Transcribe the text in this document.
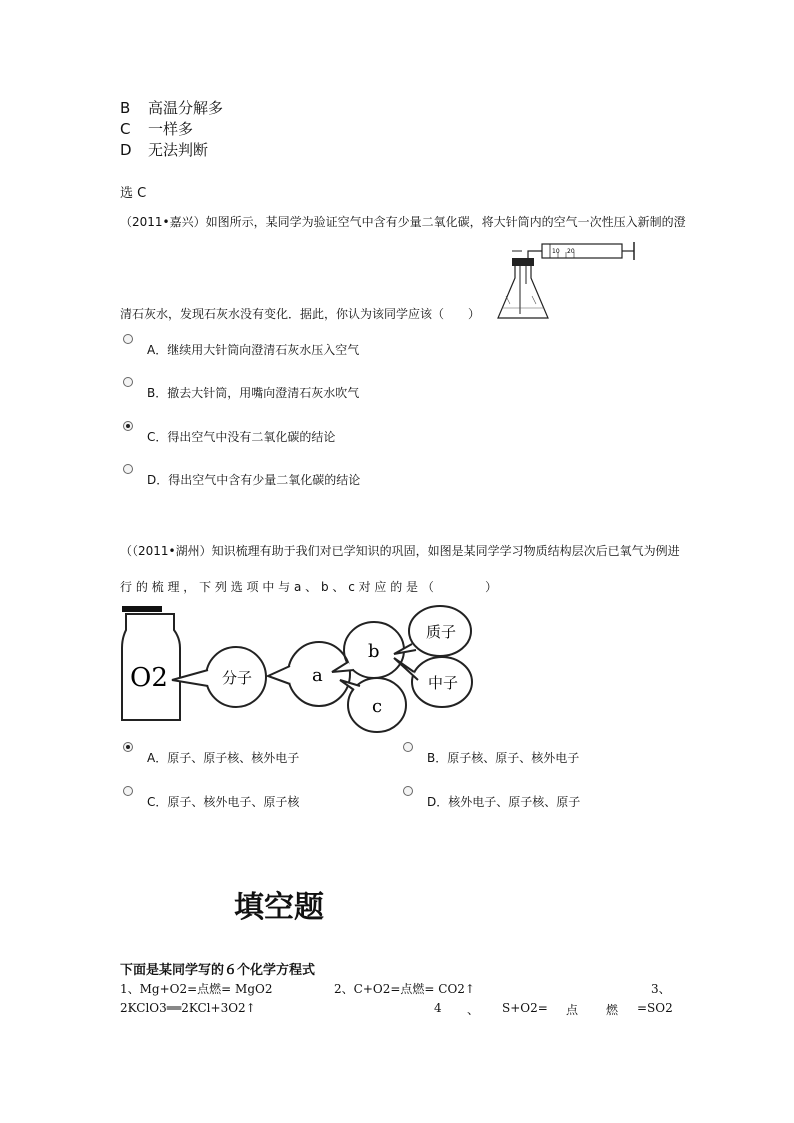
B 高温分解多
C 一样多
D 无法判断
选 C
（2011•嘉兴）如图所示，某同学为验证空气中含有少量二氧化碳，将大针筒内的空气一次性压入新制的澄
10 20
清石灰水，发现石灰水没有变化．据此，你认为该同学应该（　　）
A．继续用大针筒向澄清石灰水压入空气
B．撤去大针筒，用嘴向澄清石灰水吹气
C．得出空气中没有二氧化碳的结论
D．得出空气中含有少量二氧化碳的结论
（（2011•湖州）知识梳理有助于我们对已学知识的巩固，如图是某同学学习物质结构层次后已氧气为例进
行 的 梳 理 ， 下 列 选 项 中 与 a 、 b 、 c 对 应 的 是 （ 　 　 　 ）
O2	分子	a
b
c
质子
中子
A．原子、原子核、核外电子	B．原子核、原子、核外电子
C．原子、核外电子、原子核	D．核外电子、原子核、原子
填空题
下面是某同学写的６个化学方程式
1、Mg+O2=点燃= MgO2	2、C+O2=点燃= CO2↑	3、
2KClO3══2KCl+3O2↑	4 、 S+O2= 点 燃 =SO2
